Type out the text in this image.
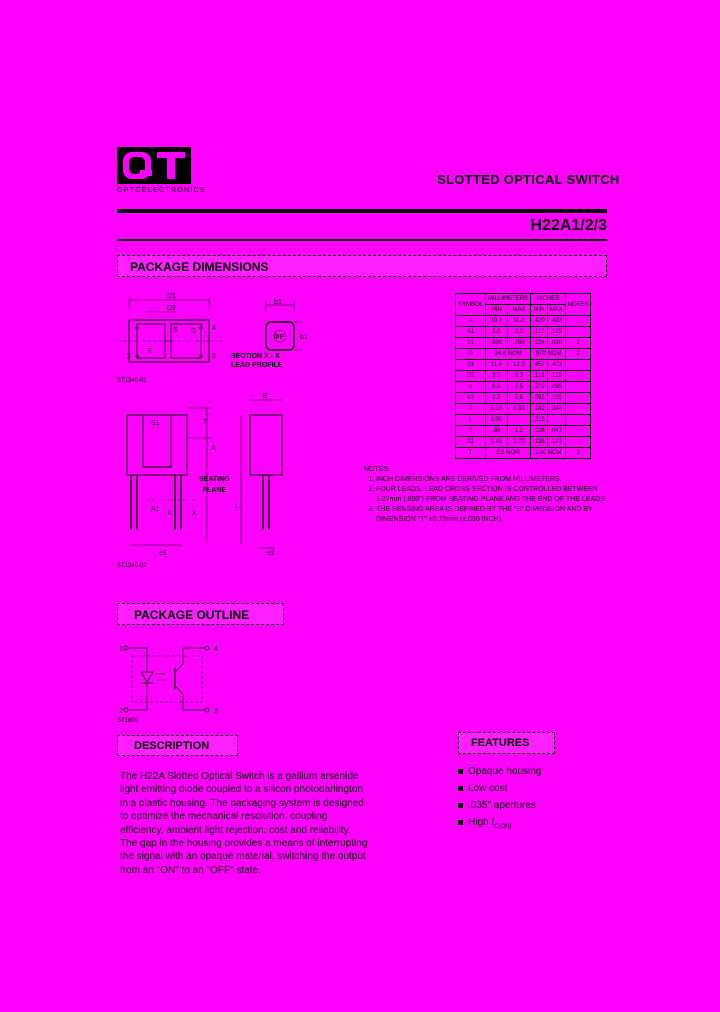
OPTOELECTRONICS
SLOTTED OPTICAL SWITCH
H22A1/2/3
PACKAGE DIMENSIONS
D1
D2
S D
E
1
2	3
4
ST1340-01
b1
ΦP b1
SECTION X - X
LEAD PROFILE
SYMBOL	MILLIMETERS		INCHES		NOTES
	MIN	MAX	MIN	MAX	
A	10.7	11.0	.420	.433	
A1	2.8	3.2	.110	.125	
b1	.600	.750	.024	.030	2
D	24.6 NOM		.970 NOM		2
D1	11.6	12.0	.457	.472	
D2	3.0	3.3	.118	.129	
e	6.9	7.5	.272	.295	
e2	2.3	2.6	.091	.102	
E	6.15	6.30	.242	.248	
L	8.00		.315		
S	.65	1.2	.026	.047	
S1	3.45	3.75	.136	.147	
T	2.5 NOM		.100 NOM		3
S1	T
A
A1
X	X
e1
E
L
e2
SEATING
PLANE
ST1340-02
NOTES:
1. INCH DIMENSIONS ARE DERIVED FROM MILLIMETERS.
2. FOUR LEADS. LEAD CROSS SECTION IS CONTROLLED BETWEEN 1.27mm (.050") FROM SEATING PLANE AND THE END OF THE LEADS.
3. THE SENSING AREA IS DEFINED BY THE "S" DIMENSION AND BY DIMENSION "T" ±0.75mm (±.030 INCH).
PACKAGE OUTLINE
1
2	3
4
ST1609
DESCRIPTION
The H22A Slotted Optical Switch is a gallium arsenide light emitting diode coupled to a silicon photodarlington in a plastic housing. The packaging system is designed to optimize the mechanical resolution, coupling efficiency, ambient light rejection, cost and reliability. The gap in the housing provides a means of interrupting the signal with an opaque material, switching the output from an "ON" to an "OFF" state.
FEATURES
Opaque housing
Low cost
.035" apertures
High $I_{C(ON)}$
